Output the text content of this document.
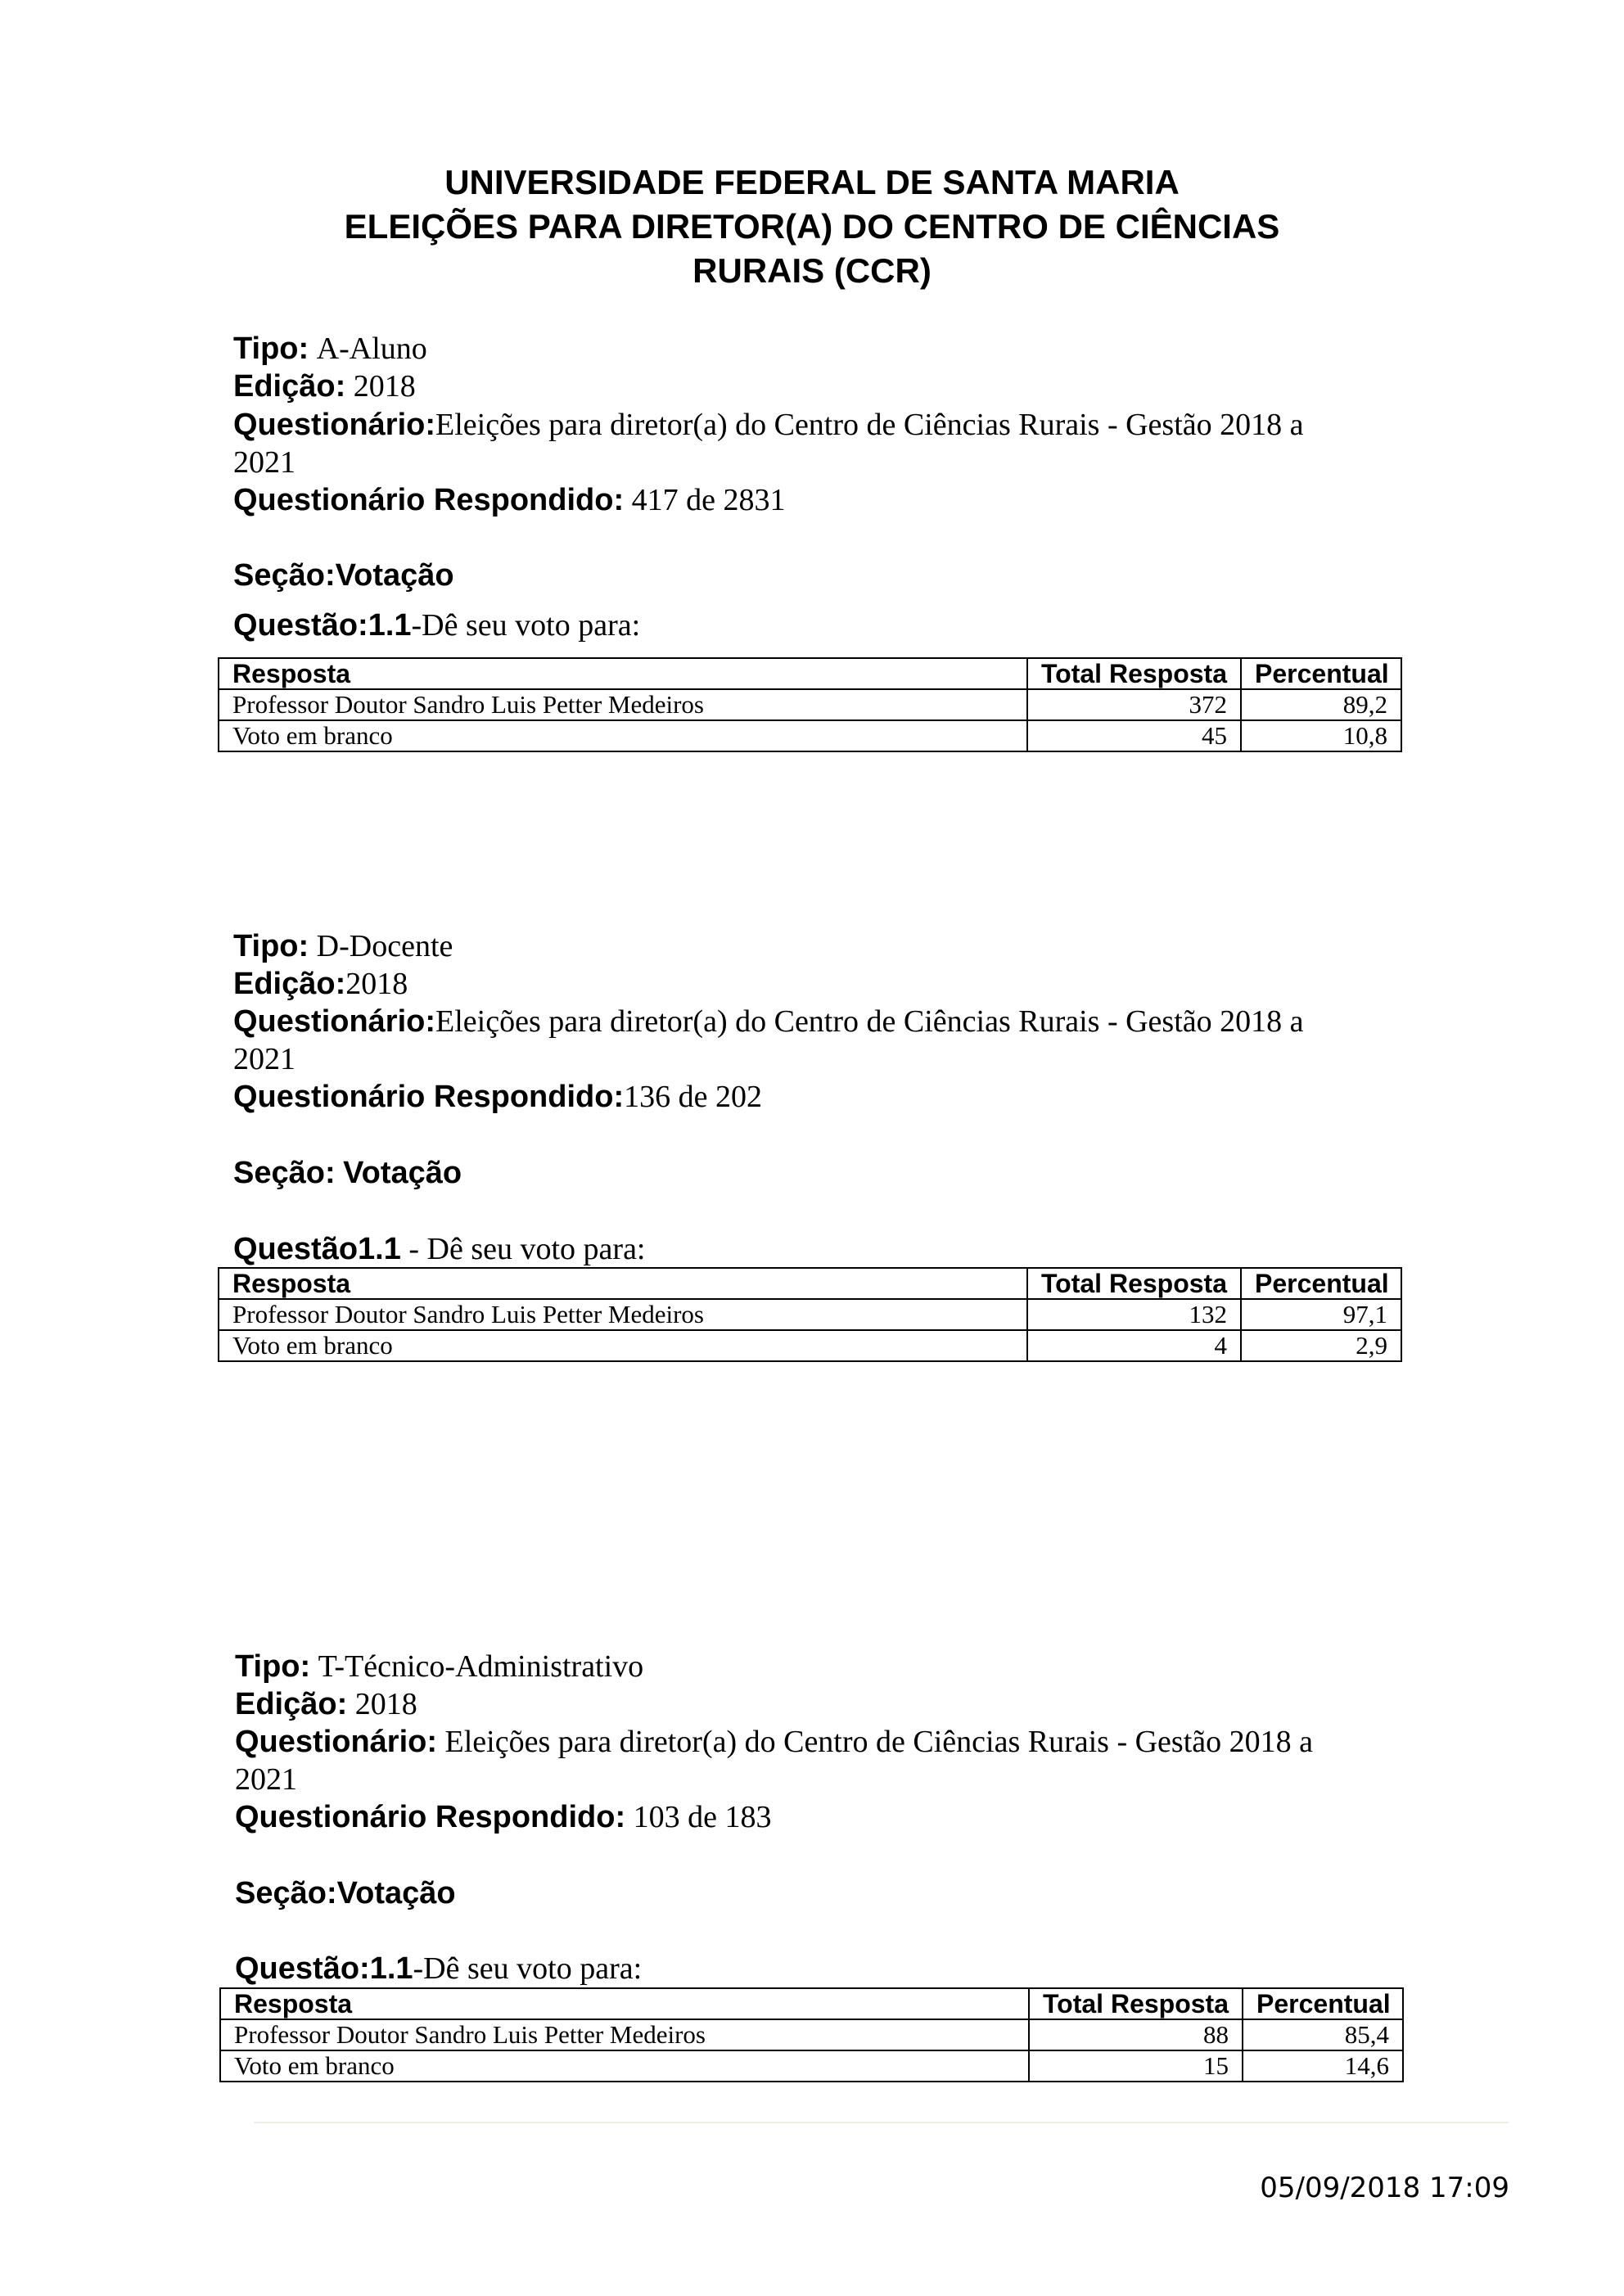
UNIVERSIDADE FEDERAL DE SANTA MARIA
ELEIÇÕES PARA DIRETOR(A) DO CENTRO DE CIÊNCIAS
RURAIS (CCR)
Tipo: A-Aluno
Edição: 2018
Questionário:Eleições para diretor(a) do Centro de Ciências Rurais - Gestão 2018 a
2021
Questionário Respondido: 417 de 2831
Seção:Votação
Questão:1.1-Dê seu voto para:
Resposta	Total Resposta	Percentual
Professor Doutor Sandro Luis Petter Medeiros	372	89,2
Voto em branco	45	10,8
Tipo: D-Docente
Edição:2018
Questionário:Eleições para diretor(a) do Centro de Ciências Rurais - Gestão 2018 a
2021
Questionário Respondido:136 de 202
Seção: Votação
Questão1.1 - Dê seu voto para:
Resposta	Total Resposta	Percentual
Professor Doutor Sandro Luis Petter Medeiros	132	97,1
Voto em branco	4	2,9
Tipo: T-Técnico-Administrativo
Edição: 2018
Questionário: Eleições para diretor(a) do Centro de Ciências Rurais - Gestão 2018 a
2021
Questionário Respondido: 103 de 183
Seção:Votação
Questão:1.1-Dê seu voto para:
Resposta	Total Resposta	Percentual
Professor Doutor Sandro Luis Petter Medeiros	88	85,4
Voto em branco	15	14,6
05/09/2018 17:09
